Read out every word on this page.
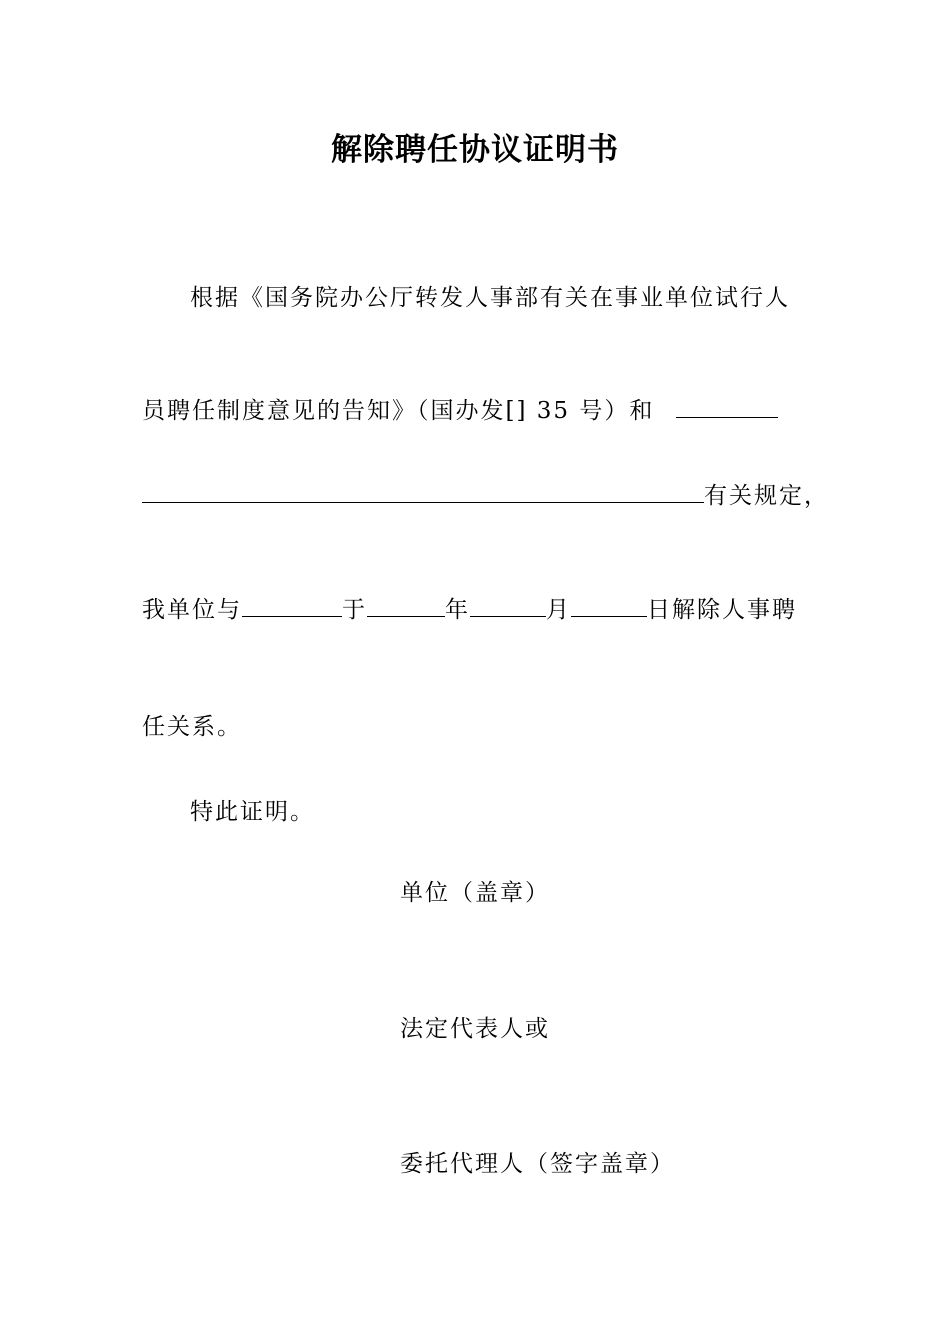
解除聘任协议证明书
根据《国务院办公厅转发人事部有关在事业单位试行人
员聘任制度意见的告知》（国办发[] 35 号）和
有关规定，
我单位与	于	年	月	日解除人事聘
任关系。
特此证明。
单位（盖章）
法定代表人或
委托代理人（签字盖章）
